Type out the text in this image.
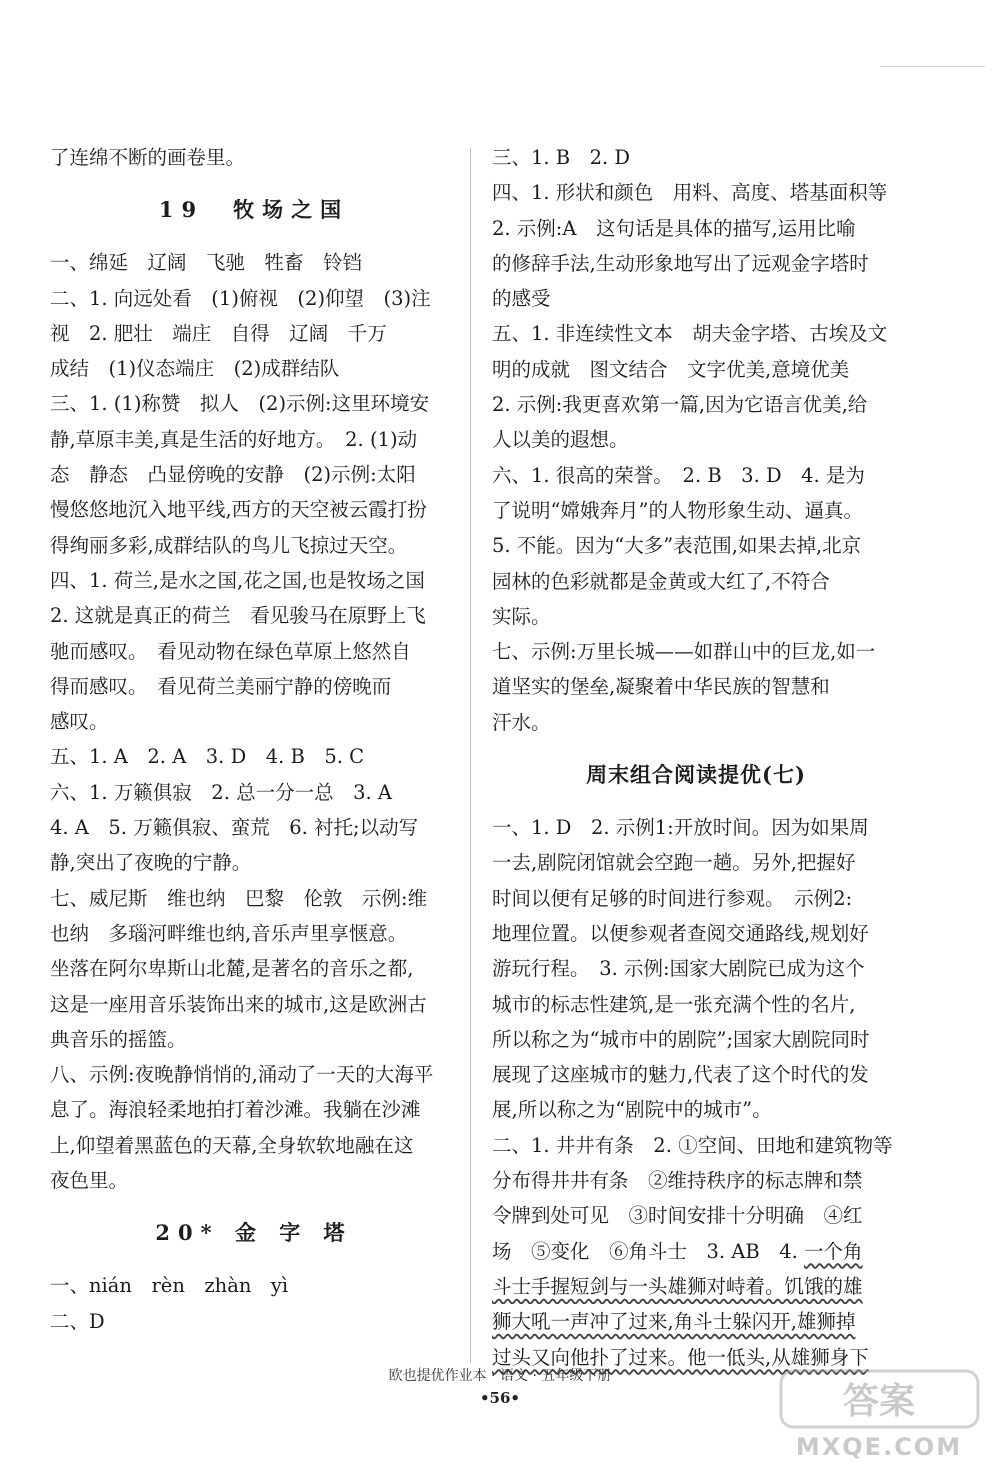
了连绵不断的画卷里。
19　牧场之国
一、绵延　辽阔　飞驰　牲畜　铃铛
二、1. 向远处看　(1)俯视　(2)仰望　(3)注
视　2. 肥壮　端庄　自得　辽阔　千万
成结　(1)仪态端庄　(2)成群结队
三、1. (1)称赞　拟人　(2)示例:这里环境安
静,草原丰美,真是生活的好地方。　2. (1)动
态　静态　凸显傍晚的安静　(2)示例:太阳
慢悠悠地沉入地平线,西方的天空被云霞打扮
得绚丽多彩,成群结队的鸟儿飞掠过天空。
四、1. 荷兰,是水之国,花之国,也是牧场之国
2. 这就是真正的荷兰　看见骏马在原野上飞
驰而感叹。　看见动物在绿色草原上悠然自
得而感叹。　看见荷兰美丽宁静的傍晚而
感叹。
五、1. A　2. A　3. D　4. B　5. C
六、1. 万籁俱寂　2. 总一分一总　3. A
4. A　5. 万籁俱寂、蛮荒　6. 衬托;以动写
静,突出了夜晚的宁静。
七、威尼斯　维也纳　巴黎　伦敦　示例:维
也纳　多瑙河畔维也纳,音乐声里享惬意。
坐落在阿尔卑斯山北麓,是著名的音乐之都,
这是一座用音乐装饰出来的城市,这是欧洲古
典音乐的摇篮。
八、示例:夜晚静悄悄的,涌动了一天的大海平
息了。海浪轻柔地拍打着沙滩。我躺在沙滩
上,仰望着黑蓝色的天幕,全身软软地融在这
夜色里。
20* 金 字 塔
一、nián　rèn　zhàn　yì
二、D
三、1. B　2. D
四、1. 形状和颜色　用料、高度、塔基面积等
2. 示例:A　这句话是具体的描写,运用比喻
的修辞手法,生动形象地写出了远观金字塔时
的感受
五、1. 非连续性文本　胡夫金字塔、古埃及文
明的成就　图文结合　文字优美,意境优美
2. 示例:我更喜欢第一篇,因为它语言优美,给
人以美的遐想。
六、1. 很高的荣誉。　2. B　3. D　4. 是为
了说明“嫦娥奔月”的人物形象生动、逼真。
5. 不能。因为“大多”表范围,如果去掉,北京
园林的色彩就都是金黄或大红了,不符合
实际。
七、示例:万里长城——如群山中的巨龙,如一
道坚实的堡垒,凝聚着中华民族的智慧和
汗水。
周末组合阅读提优(七)
一、1. D　2. 示例1:开放时间。因为如果周
一去,剧院闭馆就会空跑一趟。另外,把握好
时间以便有足够的时间进行参观。　示例2:
地理位置。以便参观者查阅交通路线,规划好
游玩行程。　3. 示例:国家大剧院已成为这个
城市的标志性建筑,是一张充满个性的名片,
所以称之为“城市中的剧院”;国家大剧院同时
展现了这座城市的魅力,代表了这个时代的发
展,所以称之为“剧院中的城市”。
二、1. 井井有条　2. ①空间、田地和建筑物等
分布得井井有条　②维持秩序的标志牌和禁
令牌到处可见　③时间安排十分明确　④红
场　⑤变化　⑥角斗士　3. AB　4. 一个角
斗士手握短剑与一头雄狮对峙着。饥饿的雄
狮大吼一声冲了过来,角斗士躲闪开,雄狮掉
过头又向他扑了过来。他一低头,从雄狮身下
欧也提优作业本 · 语文 · 五年级下册
•56•	答案
MXQE.COM
